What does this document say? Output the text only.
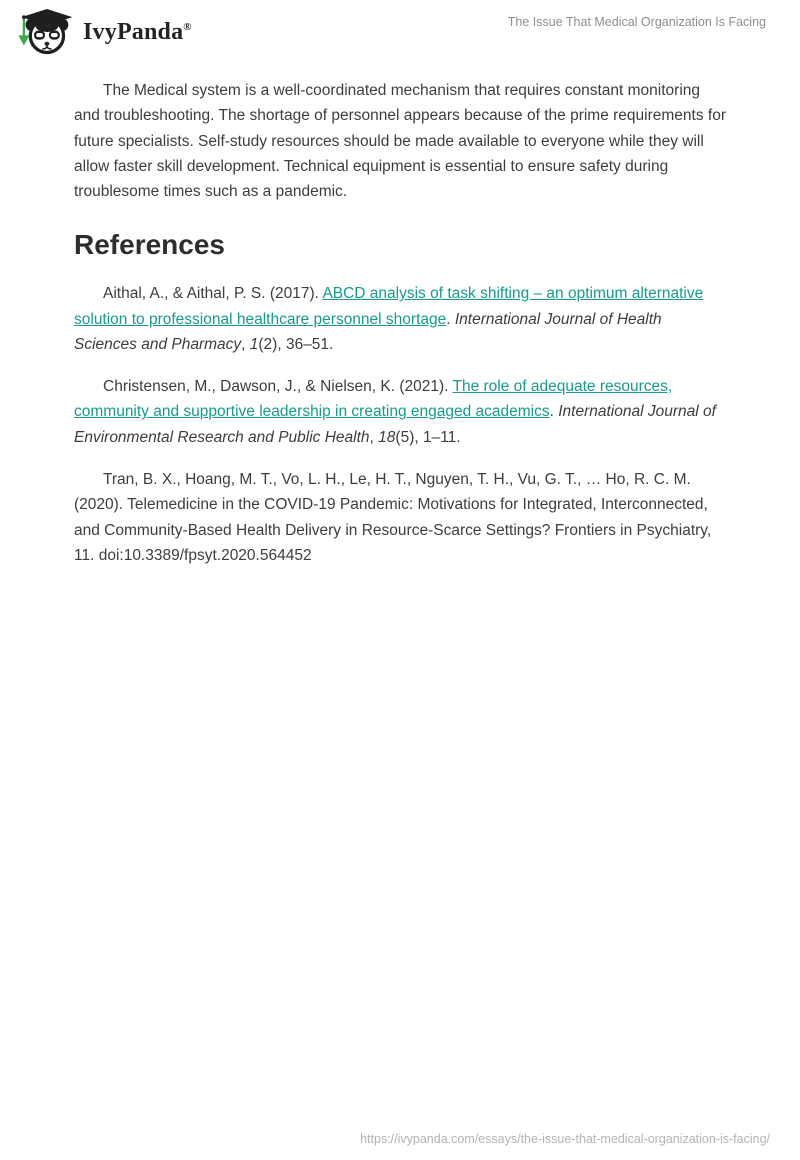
IvyPanda®	The Issue That Medical Organization Is Facing

The Medical system is a well-coordinated mechanism that requires constant monitoring and troubleshooting. The shortage of personnel appears because of the prime requirements for future specialists. Self-study resources should be made available to everyone while they will allow faster skill development. Technical equipment is essential to ensure safety during troublesome times such as a pandemic.

References

Aithal, A., & Aithal, P. S. (2017). ABCD analysis of task shifting – an optimum alternative solution to professional healthcare personnel shortage. International Journal of Health Sciences and Pharmacy, 1(2), 36–51.

Christensen, M., Dawson, J., & Nielsen, K. (2021). The role of adequate resources, community and supportive leadership in creating engaged academics. International Journal of Environmental Research and Public Health, 18(5), 1–11.

Tran, B. X., Hoang, M. T., Vo, L. H., Le, H. T., Nguyen, T. H., Vu, G. T., … Ho, R. C. M. (2020). Telemedicine in the COVID-19 Pandemic: Motivations for Integrated, Interconnected, and Community-Based Health Delivery in Resource-Scarce Settings? Frontiers in Psychiatry, 11. doi:10.3389/fpsyt.2020.564452

https://ivypanda.com/essays/the-issue-that-medical-organization-is-facing/
